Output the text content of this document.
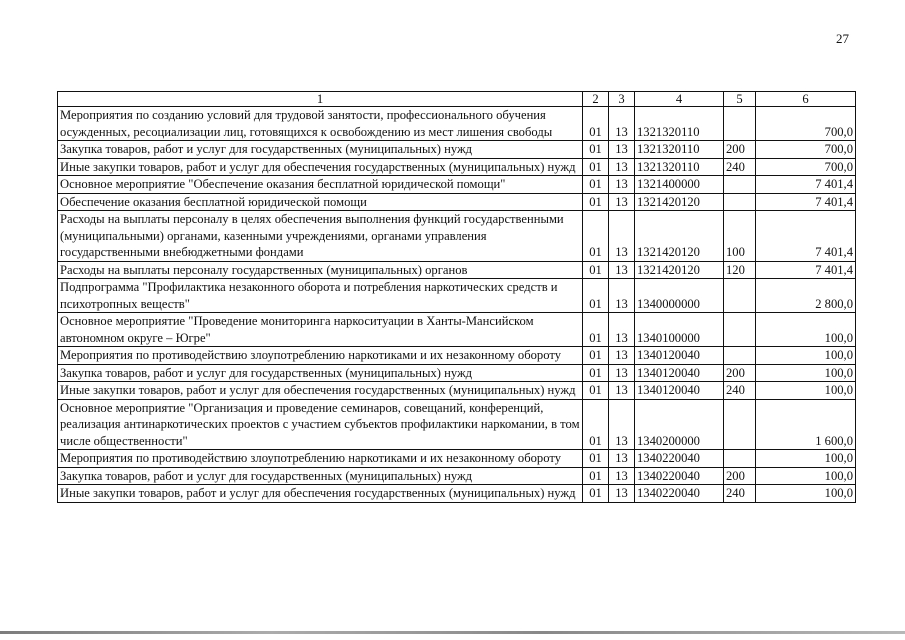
27
1	2	3	4	5	6
Мероприятия по созданию условий для трудовой занятости, профессионального обучения осужденных, ресоциализации лиц, готовящихся к освобождению из мест лишения свободы	01	13	1321320110		700,0
Закупка товаров, работ и услуг для государственных (муниципальных) нужд	01	13	1321320110	200	700,0
Иные закупки товаров, работ и услуг для обеспечения государственных (муниципальных) нужд	01	13	1321320110	240	700,0
Основное мероприятие "Обеспечение оказания бесплатной юридической помощи"	01	13	1321400000		7 401,4
Обеспечение оказания бесплатной юридической помощи	01	13	1321420120		7 401,4
Расходы на выплаты персоналу в целях обеспечения выполнения функций государственными (муниципальными) органами, казенными учреждениями, органами управления государственными внебюджетными фондами	01	13	1321420120	100	7 401,4
Расходы на выплаты персоналу государственных (муниципальных) органов	01	13	1321420120	120	7 401,4
Подпрограмма "Профилактика незаконного оборота и потребления наркотических средств и психотропных веществ"	01	13	1340000000		2 800,0
Основное мероприятие "Проведение мониторинга наркоситуации в Ханты-Мансийском автономном округе – Югре"	01	13	1340100000		100,0
Мероприятия по противодействию злоупотреблению наркотиками и их незаконному обороту	01	13	1340120040		100,0
Закупка товаров, работ и услуг для государственных (муниципальных) нужд	01	13	1340120040	200	100,0
Иные закупки товаров, работ и услуг для обеспечения государственных (муниципальных) нужд	01	13	1340120040	240	100,0
Основное мероприятие "Организация и проведение семинаров, совещаний, конференций, реализация антинаркотических проектов с участием субъектов профилактики наркомании, в том числе общественности"	01	13	1340200000		1 600,0
Мероприятия по противодействию злоупотреблению наркотиками и их незаконному обороту	01	13	1340220040		100,0
Закупка товаров, работ и услуг для государственных (муниципальных) нужд	01	13	1340220040	200	100,0
Иные закупки товаров, работ и услуг для обеспечения государственных (муниципальных) нужд	01	13	1340220040	240	100,0
